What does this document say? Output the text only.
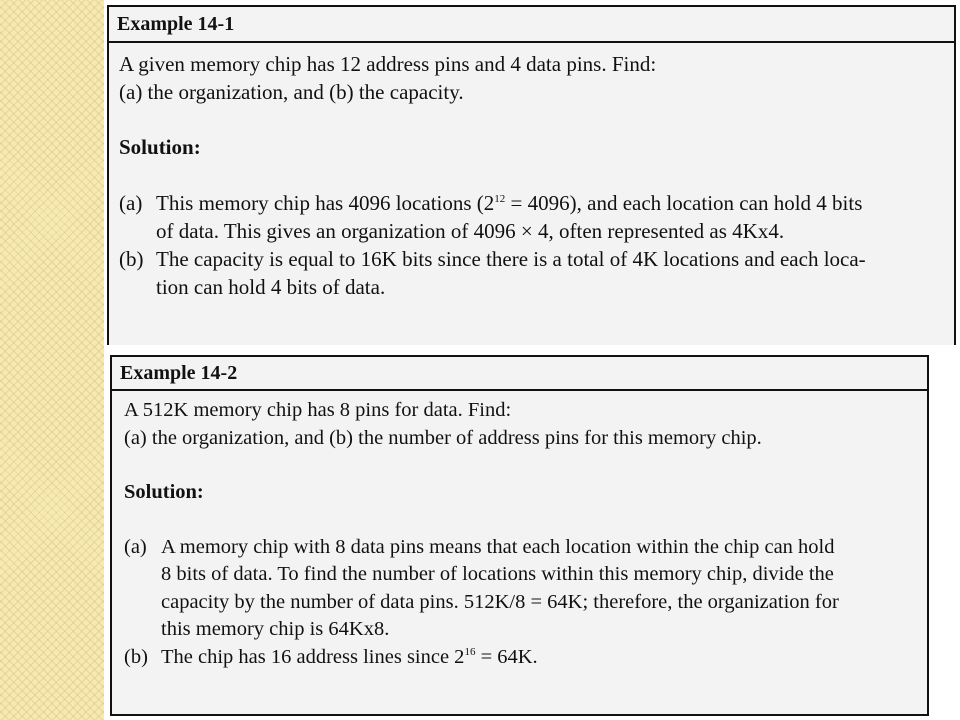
Example 14-1

A given memory chip has 12 address pins and 4 data pins. Find:

(a) the organization, and (b) the capacity.

Solution:

(a) This memory chip has 4096 locations $(2^{12} = 4096)$, and each location can hold 4 bits
of data. This gives an organization of 4096 × 4, often represented as 4Kx4.
(b) The capacity is equal to 16K bits since there is a total of 4K locations and each loca-
tion can hold 4 bits of data.
Example 14-2

A 512K memory chip has 8 pins for data. Find:

(a) the organization, and (b) the number of address pins for this memory chip.

Solution:

(a) A memory chip with 8 data pins means that each location within the chip can hold
8 bits of data. To find the number of locations within this memory chip, divide the
capacity by the number of data pins. 512K/8 = 64K; therefore, the organization for
this memory chip is 64Kx8.
(b) The chip has 16 address lines since $2^{16} = 64K$.
